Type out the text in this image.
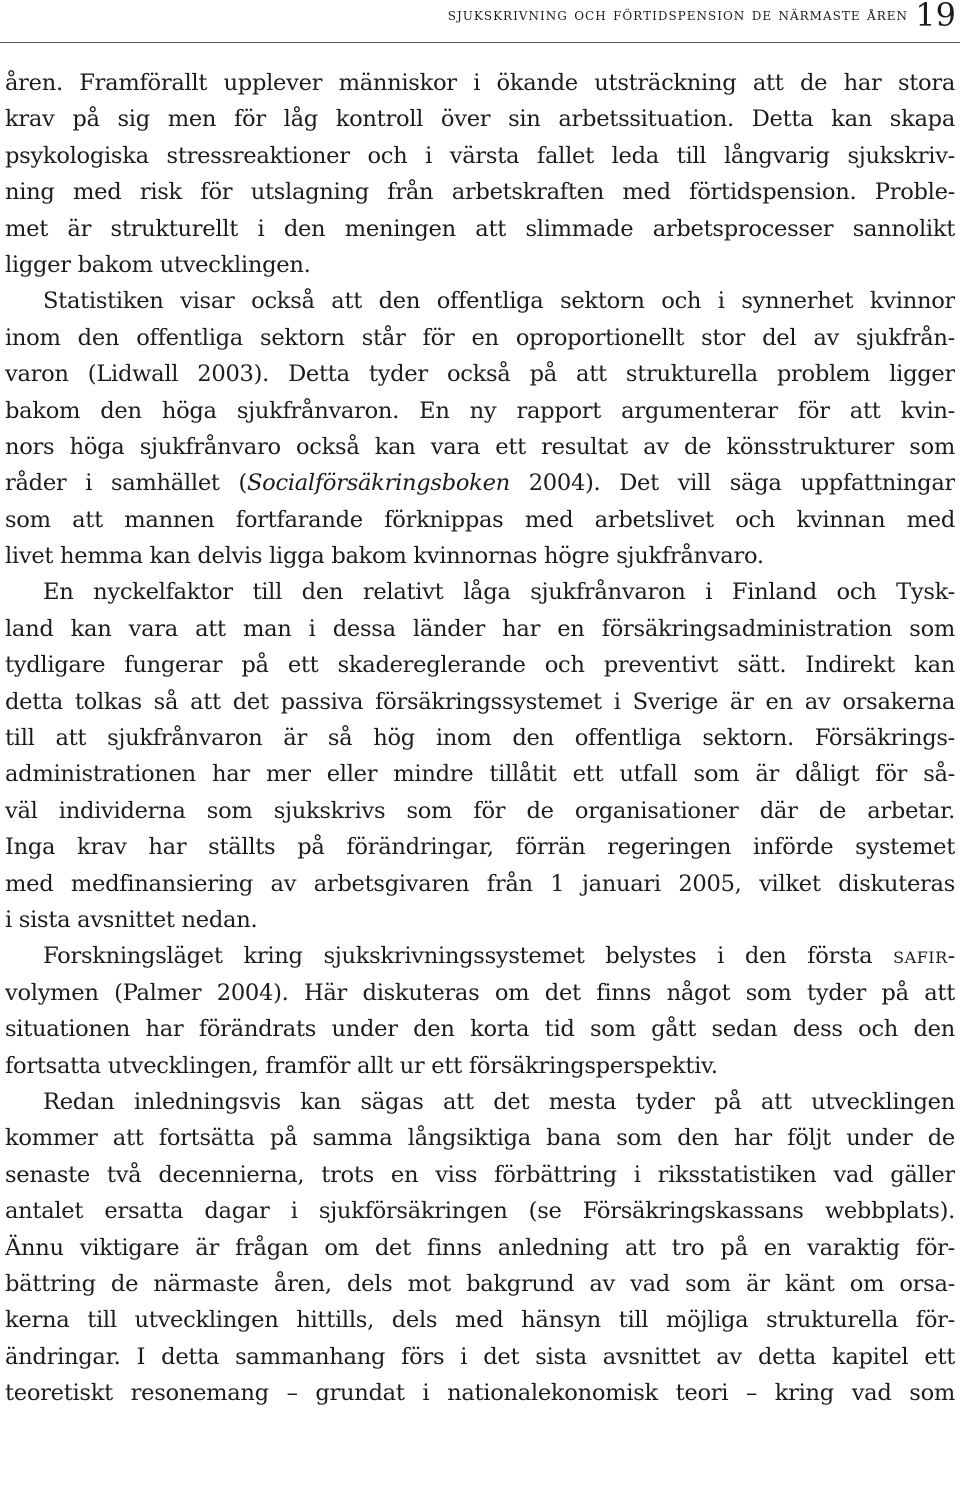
sjukskrivning och förtidspension de närmaste åren 19
åren. Framförallt upplever människor i ökande utsträckning att de har stora
krav på sig men för låg kontroll över sin arbetssituation. Detta kan skapa
psykologiska stressreaktioner och i värsta fallet leda till långvarig sjukskriv-
ning med risk för utslagning från arbetskraften med förtidspension. Proble-
met är strukturellt i den meningen att slimmade arbetsprocesser sannolikt
ligger bakom utvecklingen.
Statistiken visar också att den offentliga sektorn och i synnerhet kvinnor
inom den offentliga sektorn står för en oproportionellt stor del av sjukfrån-
varon (Lidwall 2003). Detta tyder också på att strukturella problem ligger
bakom den höga sjukfrånvaron. En ny rapport argumenterar för att kvin-
nors höga sjukfrånvaro också kan vara ett resultat av de könsstrukturer som
råder i samhället (Socialförsäkringsboken 2004). Det vill säga uppfattningar
som att mannen fortfarande förknippas med arbetslivet och kvinnan med
livet hemma kan delvis ligga bakom kvinnornas högre sjukfrånvaro.
En nyckelfaktor till den relativt låga sjukfrånvaron i Finland och Tysk-
land kan vara att man i dessa länder har en försäkringsadministration som
tydligare fungerar på ett skadereglerande och preventivt sätt. Indirekt kan
detta tolkas så att det passiva försäkringssystemet i Sverige är en av orsakerna
till att sjukfrånvaron är så hög inom den offentliga sektorn. Försäkrings-
administrationen har mer eller mindre tillåtit ett utfall som är dåligt för så-
väl individerna som sjukskrivs som för de organisationer där de arbetar.
Inga krav har ställts på förändringar, förrän regeringen införde systemet
med medfinansiering av arbetsgivaren från 1 januari 2005, vilket diskuteras
i sista avsnittet nedan.
Forskningsläget kring sjukskrivningssystemet belystes i den första safir-
volymen (Palmer 2004). Här diskuteras om det finns något som tyder på att
situationen har förändrats under den korta tid som gått sedan dess och den
fortsatta utvecklingen, framför allt ur ett försäkringsperspektiv.
Redan inledningsvis kan sägas att det mesta tyder på att utvecklingen
kommer att fortsätta på samma långsiktiga bana som den har följt under de
senaste två decennierna, trots en viss förbättring i riksstatistiken vad gäller
antalet ersatta dagar i sjukförsäkringen (se Försäkringskassans webbplats).
Ännu viktigare är frågan om det finns anledning att tro på en varaktig för-
bättring de närmaste åren, dels mot bakgrund av vad som är känt om orsa-
kerna till utvecklingen hittills, dels med hänsyn till möjliga strukturella för-
ändringar. I detta sammanhang förs i det sista avsnittet av detta kapitel ett
teoretiskt resonemang – grundat i nationalekonomisk teori – kring vad som
